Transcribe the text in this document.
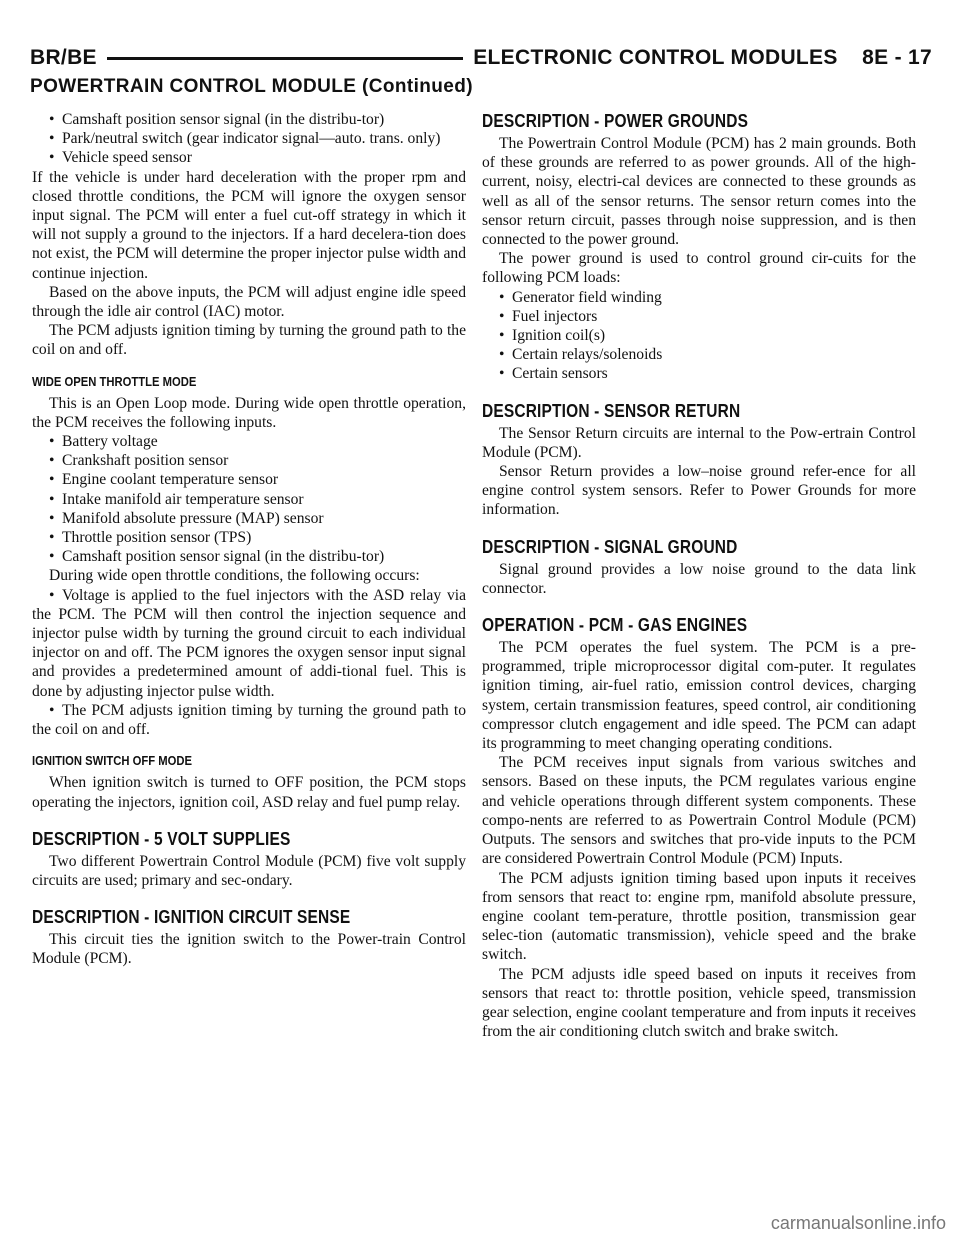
BR/BE	ELECTRONIC CONTROL MODULES    8E - 17
POWERTRAIN CONTROL MODULE (Continued)

• Camshaft position sensor signal (in the distribu-tor)

• Park/neutral switch (gear indicator signal—auto. trans. only)

• Vehicle speed sensor

If the vehicle is under hard deceleration with the proper rpm and closed throttle conditions, the PCM will ignore the oxygen sensor input signal. The PCM will enter a fuel cut-off strategy in which it will not supply a ground to the injectors. If a hard decelera-tion does not exist, the PCM will determine the proper injector pulse width and continue injection.

Based on the above inputs, the PCM will adjust engine idle speed through the idle air control (IAC) motor.

The PCM adjusts ignition timing by turning the ground path to the coil on and off.

WIDE OPEN THROTTLE MODE

This is an Open Loop mode. During wide open throttle operation, the PCM receives the following inputs.

• Battery voltage

• Crankshaft position sensor

• Engine coolant temperature sensor

• Intake manifold air temperature sensor

• Manifold absolute pressure (MAP) sensor

• Throttle position sensor (TPS)

• Camshaft position sensor signal (in the distribu-tor)

During wide open throttle conditions, the following occurs:

• Voltage is applied to the fuel injectors with the ASD relay via the PCM. The PCM will then control the injection sequence and injector pulse width by turning the ground circuit to each individual injector on and off. The PCM ignores the oxygen sensor input signal and provides a predetermined amount of addi-tional fuel. This is done by adjusting injector pulse width.

• The PCM adjusts ignition timing by turning the ground path to the coil on and off.

IGNITION SWITCH OFF MODE

When ignition switch is turned to OFF position, the PCM stops operating the injectors, ignition coil, ASD relay and fuel pump relay.

DESCRIPTION - 5 VOLT SUPPLIES

Two different Powertrain Control Module (PCM) five volt supply circuits are used; primary and sec-ondary.

DESCRIPTION - IGNITION CIRCUIT SENSE

This circuit ties the ignition switch to the Power-train Control Module (PCM).

DESCRIPTION - POWER GROUNDS

The Powertrain Control Module (PCM) has 2 main grounds. Both of these grounds are referred to as power grounds. All of the high-current, noisy, electri-cal devices are connected to these grounds as well as all of the sensor returns. The sensor return comes into the sensor return circuit, passes through noise suppression, and is then connected to the power ground.

The power ground is used to control ground cir-cuits for the following PCM loads:

• Generator field winding

• Fuel injectors

• Ignition coil(s)

• Certain relays/solenoids

• Certain sensors

DESCRIPTION - SENSOR RETURN

The Sensor Return circuits are internal to the Pow-ertrain Control Module (PCM).

Sensor Return provides a low–noise ground refer-ence for all engine control system sensors. Refer to Power Grounds for more information.

DESCRIPTION - SIGNAL GROUND

Signal ground provides a low noise ground to the data link connector.

OPERATION - PCM - GAS ENGINES

The PCM operates the fuel system. The PCM is a pre-programmed, triple microprocessor digital com-puter. It regulates ignition timing, air-fuel ratio, emission control devices, charging system, certain transmission features, speed control, air conditioning compressor clutch engagement and idle speed. The PCM can adapt its programming to meet changing operating conditions.

The PCM receives input signals from various switches and sensors. Based on these inputs, the PCM regulates various engine and vehicle operations through different system components. These compo-nents are referred to as Powertrain Control Module (PCM) Outputs. The sensors and switches that pro-vide inputs to the PCM are considered Powertrain Control Module (PCM) Inputs.

The PCM adjusts ignition timing based upon inputs it receives from sensors that react to: engine rpm, manifold absolute pressure, engine coolant tem-perature, throttle position, transmission gear selec-tion (automatic transmission), vehicle speed and the brake switch.

The PCM adjusts idle speed based on inputs it receives from sensors that react to: throttle position, vehicle speed, transmission gear selection, engine coolant temperature and from inputs it receives from the air conditioning clutch switch and brake switch.

carmanualsonline.info
